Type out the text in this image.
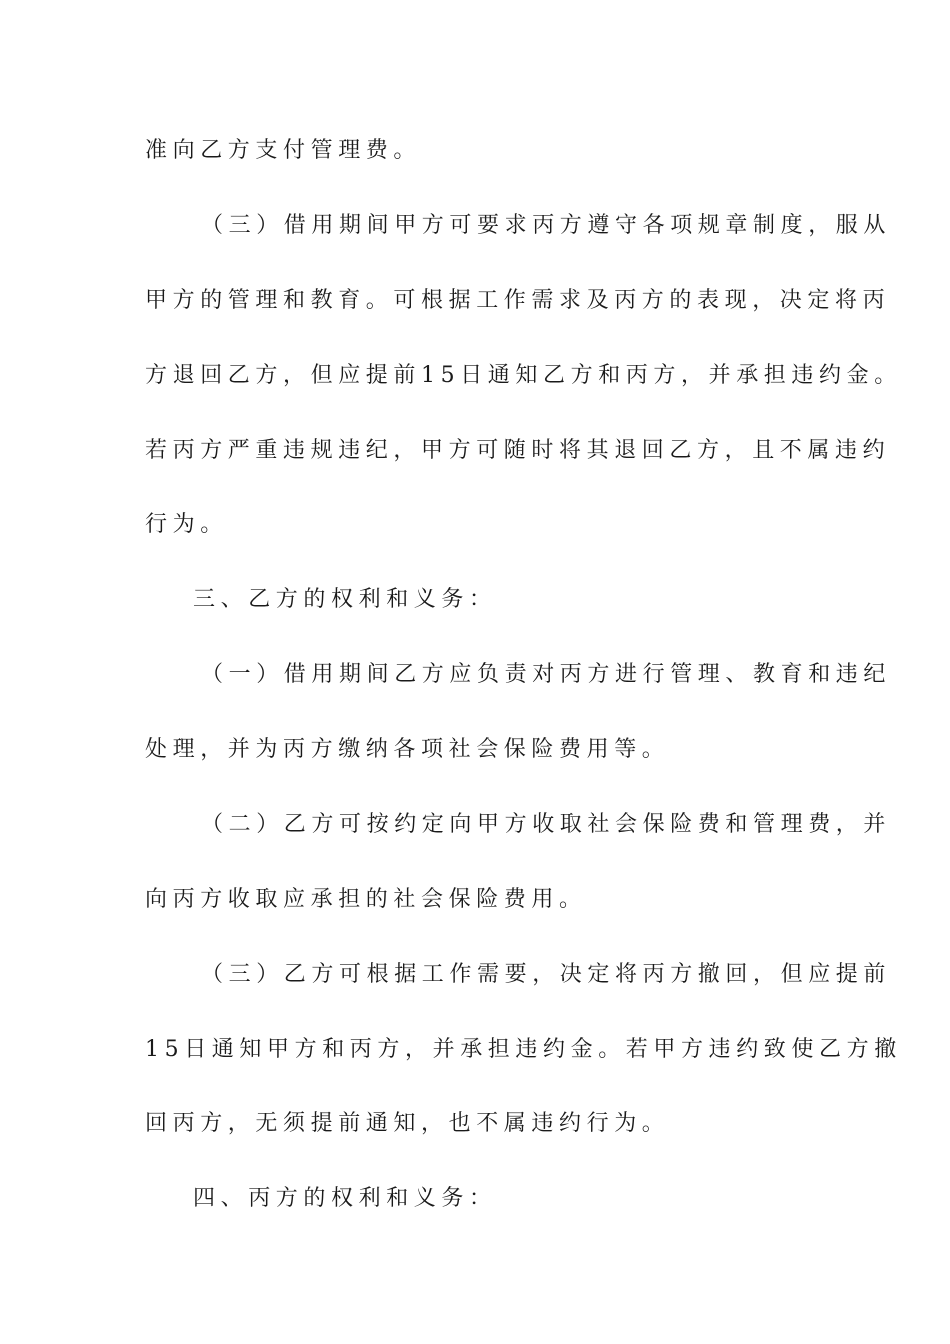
准向乙方支付管理费。
（三）借用期间甲方可要求丙方遵守各项规章制度，服从
甲方的管理和教育。可根据工作需求及丙方的表现，决定将丙
方退回乙方，但应提前15日通知乙方和丙方，并承担违约金。
若丙方严重违规违纪，甲方可随时将其退回乙方，且不属违约
行为。
三、乙方的权利和义务：
（一）借用期间乙方应负责对丙方进行管理、教育和违纪
处理，并为丙方缴纳各项社会保险费用等。
（二）乙方可按约定向甲方收取社会保险费和管理费，并
向丙方收取应承担的社会保险费用。
（三）乙方可根据工作需要，决定将丙方撤回，但应提前
15日通知甲方和丙方，并承担违约金。若甲方违约致使乙方撤
回丙方，无须提前通知，也不属违约行为。
四、丙方的权利和义务：
